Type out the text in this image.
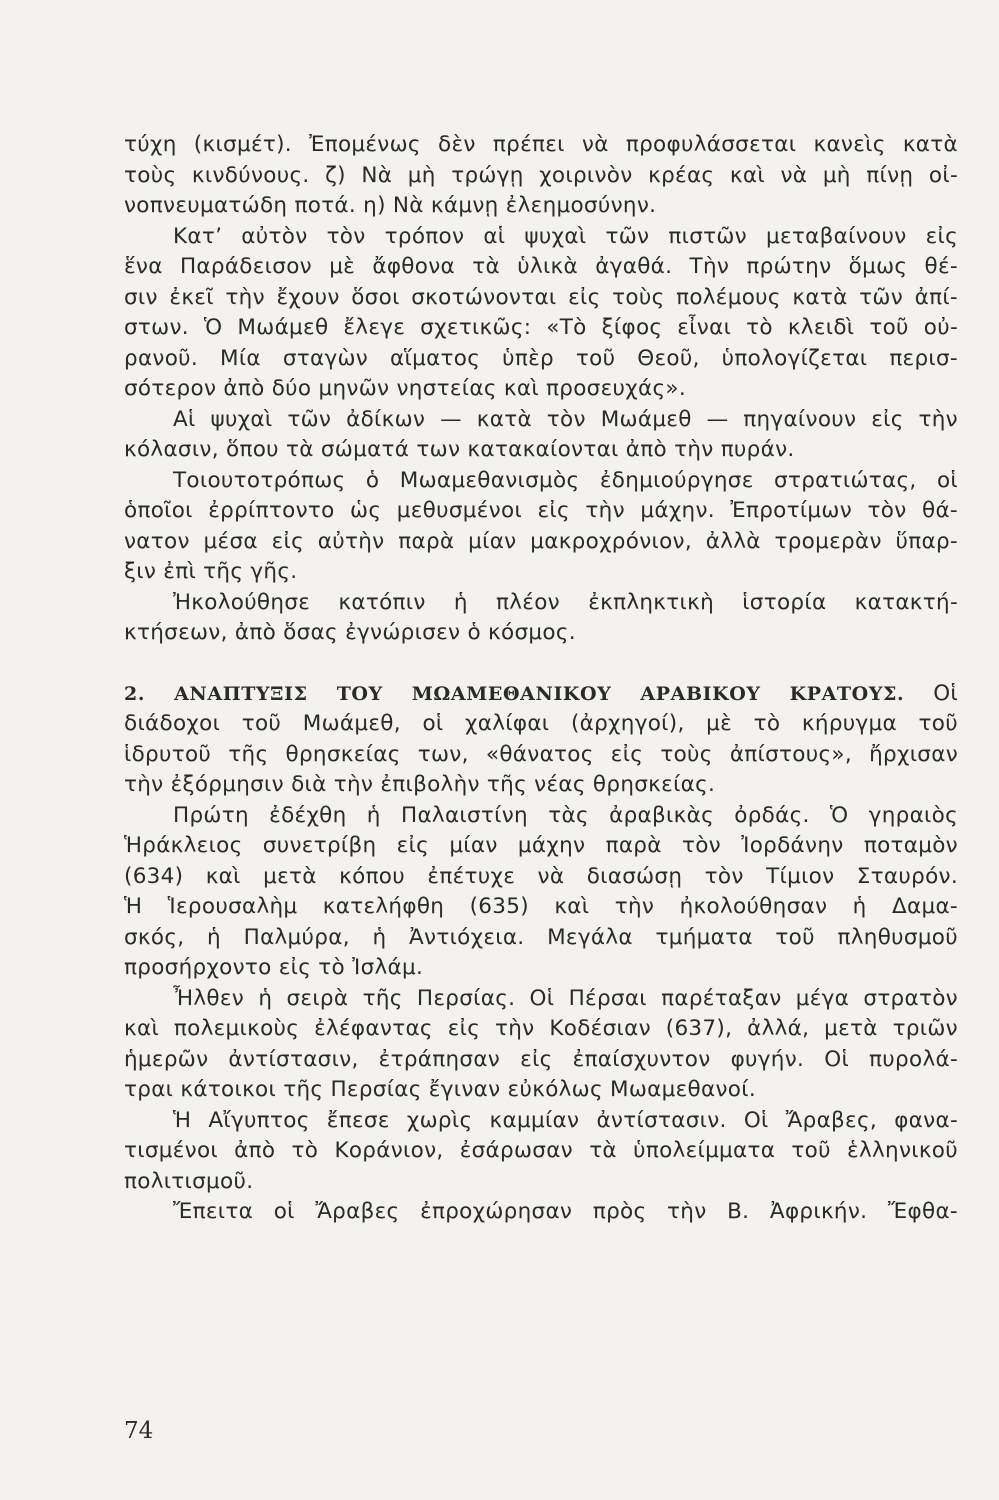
τύχη (κισμέτ). Ἐπομένως δὲν πρέπει νὰ προφυλάσσεται κανεὶς κατὰ
τοὺς κινδύνους. ζ) Νὰ μὴ τρώγῃ χοιρινὸν κρέας καὶ νὰ μὴ πίνῃ οἰ-
νοπνευματώδη ποτά. η) Νὰ κάμνῃ ἐλεημοσύνην.
Κατ’ αὐτὸν τὸν τρόπον αἱ ψυχαὶ τῶν πιστῶν μεταβαίνουν εἰς
ἕνα Παράδεισον μὲ ἄφθονα τὰ ὑλικὰ ἀγαθά. Τὴν πρώτην ὅμως θέ-
σιν ἐκεῖ τὴν ἔχουν ὅσοι σκοτώνονται εἰς τοὺς πολέμους κατὰ τῶν ἀπί-
στων. Ὁ Μωάμεθ ἔλεγε σχετικῶς: «Τὸ ξίφος εἶναι τὸ κλειδὶ τοῦ οὐ-
ρανοῦ. Μία σταγὼν αἵματος ὑπὲρ τοῦ Θεοῦ, ὑπολογίζεται περισ-
σότερον ἀπὸ δύο μηνῶν νηστείας καὶ προσευχάς».
Αἱ ψυχαὶ τῶν ἀδίκων — κατὰ τὸν Μωάμεθ — πηγαίνουν εἰς τὴν
κόλασιν, ὅπου τὰ σώματά των κατακαίονται ἀπὸ τὴν πυράν.
Τοιουτοτρόπως ὁ Μωαμεθανισμὸς ἐδημιούργησε στρατιώτας, οἱ
ὁποῖοι ἐρρίπτοντο ὡς μεθυσμένοι εἰς τὴν μάχην. Ἐπροτίμων τὸν θά-
νατον μέσα εἰς αὐτὴν παρὰ μίαν μακροχρόνιον, ἀλλὰ τρομερὰν ὕπαρ-
ξιν ἐπὶ τῆς γῆς.
Ἠκολούθησε κατόπιν ἡ πλέον ἐκπληκτικὴ ἱστορία κατακτή-
κτήσεων, ἀπὸ ὅσας ἐγνώρισεν ὁ κόσμος.
2. ΑΝΑΠΤΥΞΙΣ ΤΟΥ ΜΩΑΜΕΘΑΝΙΚΟΥ ΑΡΑΒΙΚΟΥ ΚΡΑΤΟΥΣ. Οἱ
διάδοχοι τοῦ Μωάμεθ, οἱ χαλίφαι (ἀρχηγοί), μὲ τὸ κήρυγμα τοῦ
ἱδρυτοῦ τῆς θρησκείας των, «θάνατος εἰς τοὺς ἀπίστους», ἤρχισαν
τὴν ἐξόρμησιν διὰ τὴν ἐπιβολὴν τῆς νέας θρησκείας.
Πρώτη ἐδέχθη ἡ Παλαιστίνη τὰς ἀραβικὰς ὀρδάς. Ὁ γηραιὸς
Ἡράκλειος συνετρίβη εἰς μίαν μάχην παρὰ τὸν Ἰορδάνην ποταμὸν
(634) καὶ μετὰ κόπου ἐπέτυχε νὰ διασώσῃ τὸν Τίμιον Σταυρόν.
Ἡ Ἱερουσαλὴμ κατελήφθη (635) καὶ τὴν ἠκολούθησαν ἡ Δαμα-
σκός, ἡ Παλμύρα, ἡ Ἀντιόχεια. Μεγάλα τμήματα τοῦ πληθυσμοῦ
προσήρχοντο εἰς τὸ Ἰσλάμ.
Ἦλθεν ἡ σειρὰ τῆς Περσίας. Οἱ Πέρσαι παρέταξαν μέγα στρατὸν
καὶ πολεμικοὺς ἐλέφαντας εἰς τὴν Κοδέσιαν (637), ἀλλά, μετὰ τριῶν
ἡμερῶν ἀντίστασιν, ἐτράπησαν εἰς ἐπαίσχυντον φυγήν. Οἱ πυρολά-
τραι κάτοικοι τῆς Περσίας ἔγιναν εὐκόλως Μωαμεθανοί.
Ἡ Αἴγυπτος ἔπεσε χωρὶς καμμίαν ἀντίστασιν. Οἱ Ἄραβες, φανα-
τισμένοι ἀπὸ τὸ Κοράνιον, ἐσάρωσαν τὰ ὑπολείμματα τοῦ ἑλληνικοῦ
πολιτισμοῦ.
Ἔπειτα οἱ Ἄραβες ἐπροχώρησαν πρὸς τὴν Β. Ἀφρικήν. Ἔφθα-
74
